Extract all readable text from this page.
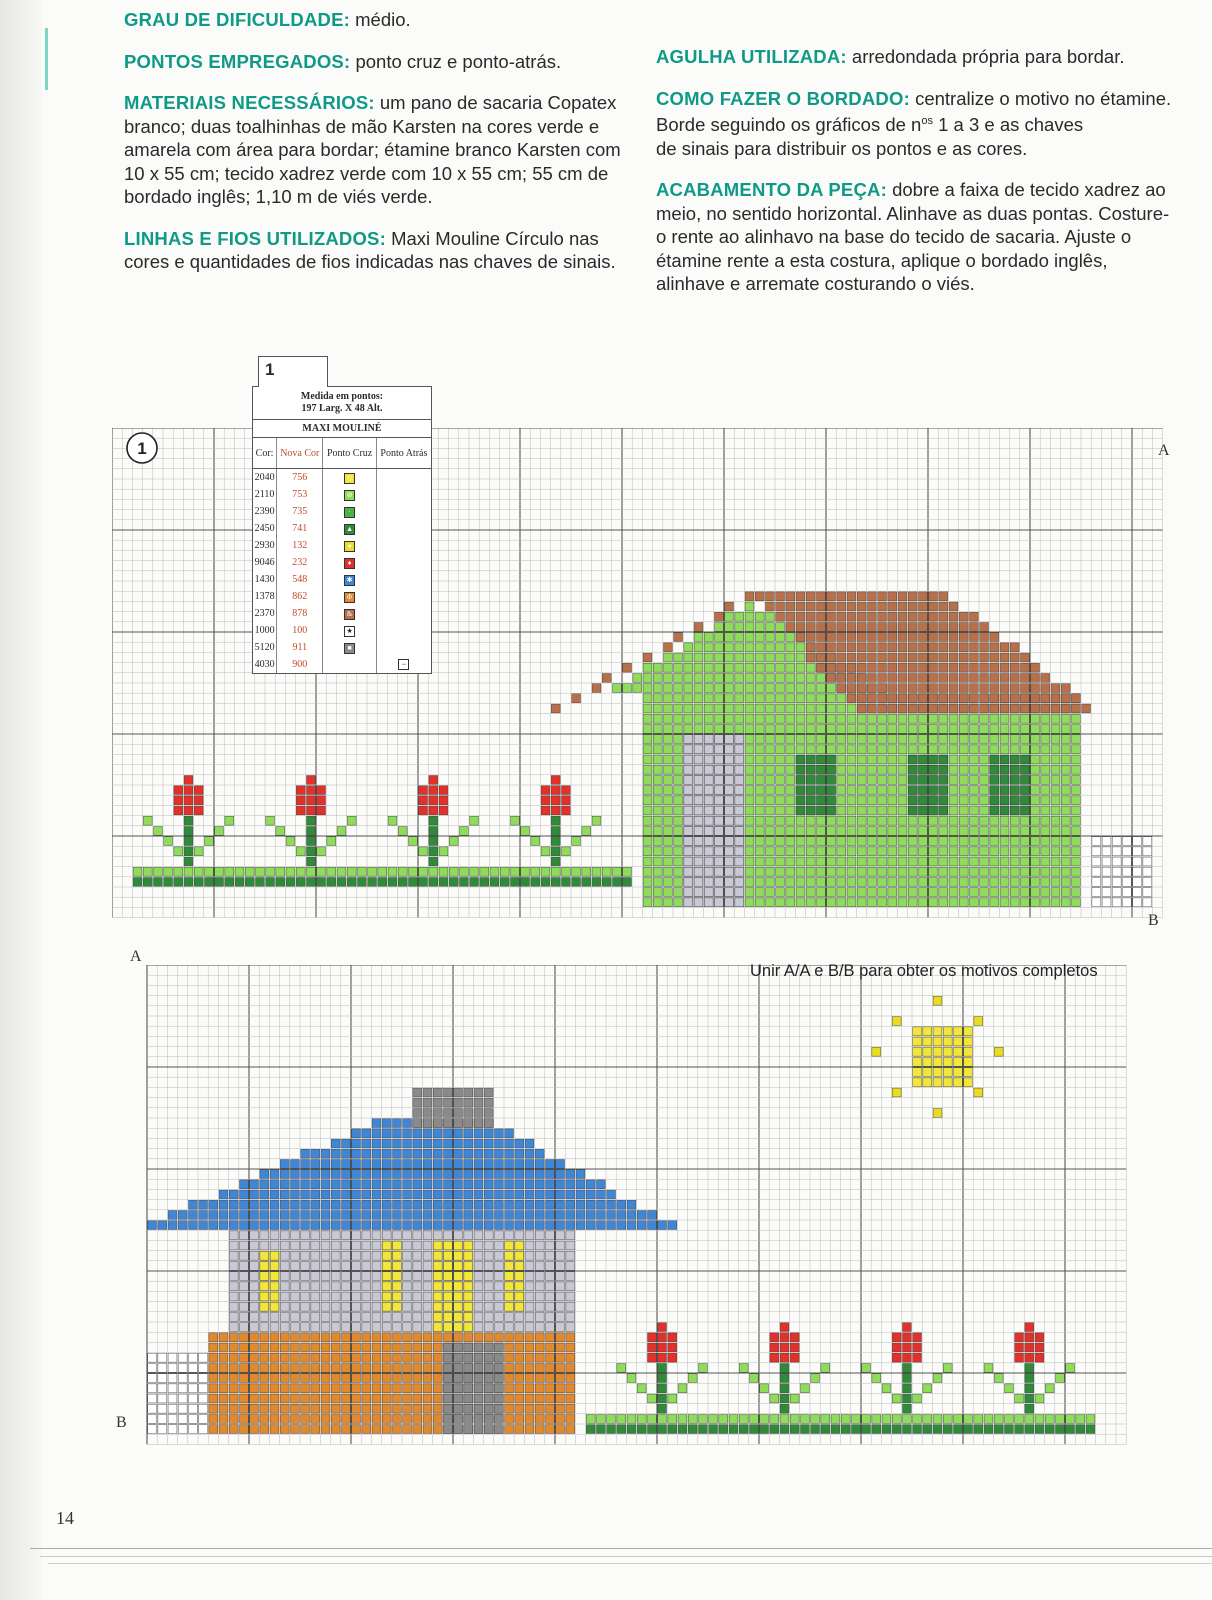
GRAU DE DIFICULDADE: médio.

PONTOS EMPREGADOS: ponto cruz e ponto-atrás.

MATERIAIS NECESSÁRIOS: um pano de sacaria Copatex branco; duas toalhinhas de mão Karsten na cores verde e amarela com área para bordar; étamine branco Karsten com 10 x 55 cm; tecido xadrez verde com 10 x 55 cm; 55 cm de bordado inglês; 1,10 m de viés verde.

LINHAS E FIOS UTILIZADOS: Maxi Mouline Círculo nas cores e quantidades de fios indicadas nas chaves de sinais.

AGULHA UTILIZADA: arredondada própria para bordar.

COMO FAZER O BORDADO: centralize o motivo no étamine. Borde seguindo os gráficos de $n^{os}$ 1 a 3 e as chaves
de sinais para distribuir os pontos e as cores.

ACABAMENTO DA PEÇA: dobre a faixa de tecido xadrez ao meio, no sentido horizontal. Alinhave as duas pontas. Costure-o rente ao alinhavo na base do tecido de sacaria. Ajuste o étamine rente a esta costura, aplique o bordado inglês, alinhave e arremate costurando o viés.

1
1
Medida em pontos:
197 Larg. X 48 Alt.
MAXI MOULINÉ
Cor:	Nova Cor	Ponto Cruz	Ponto Atrás
2040	756	◇	
2110	753	⊘	
2390	735	·	
2450	741	▲	
2930	132	●	
9046	232	♦	
1430	548	✱	
1378	862	Φ	
2370	878	&	
1000	100	★	
5120	911	■	
4030	900		−
A
B
A
B
Unir A/A e B/B para obter os motivos completos
14
